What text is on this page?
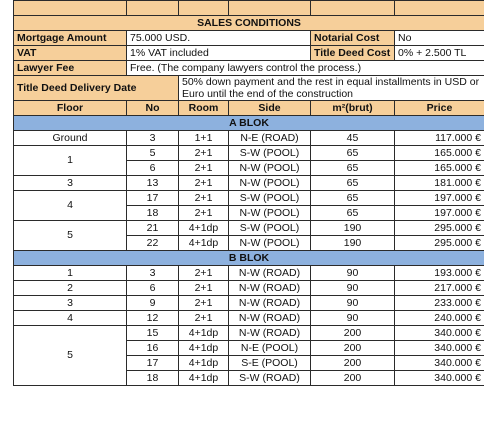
SALES CONDITIONS					
Mortgage Amount	75.000 USD.			Notarial Cost	No
VAT	1% VAT included			Title Deed Cost	0% + 2.500 TL
Lawyer Fee	Free. (The company lawyers control the process.)				
Title Deed Delivery Date		50% down payment and the rest in equal installments in USD or Euro until the end of the construction			
Floor	No	Room	Side	m²(brut)	Price
A BLOK					
Ground	3	1+1	N-E (ROAD)	45	117.000 €
1	5	2+1	S-W (POOL)	65	165.000 €
	6	2+1	N-W (POOL)	65	165.000 €
3	13	2+1	N-W (POOL)	65	181.000 €
4	17	2+1	S-W (POOL)	65	197.000 €
	18	2+1	N-W (POOL)	65	197.000 €
5	21	4+1dp	S-W (POOL)	190	295.000 €
	22	4+1dp	N-W (POOL)	190	295.000 €
B BLOK					
1	3	2+1	N-W (ROAD)	90	193.000 €
2	6	2+1	N-W (ROAD)	90	217.000 €
3	9	2+1	N-W (ROAD)	90	233.000 €
4	12	2+1	N-W (ROAD)	90	240.000 €
5	15	4+1dp	N-W (ROAD)	200	340.000 €
	16	4+1dp	N-E (POOL)	200	340.000 €
	17	4+1dp	S-E (POOL)	200	340.000 €
	18	4+1dp	S-W (ROAD)	200	340.000 €
